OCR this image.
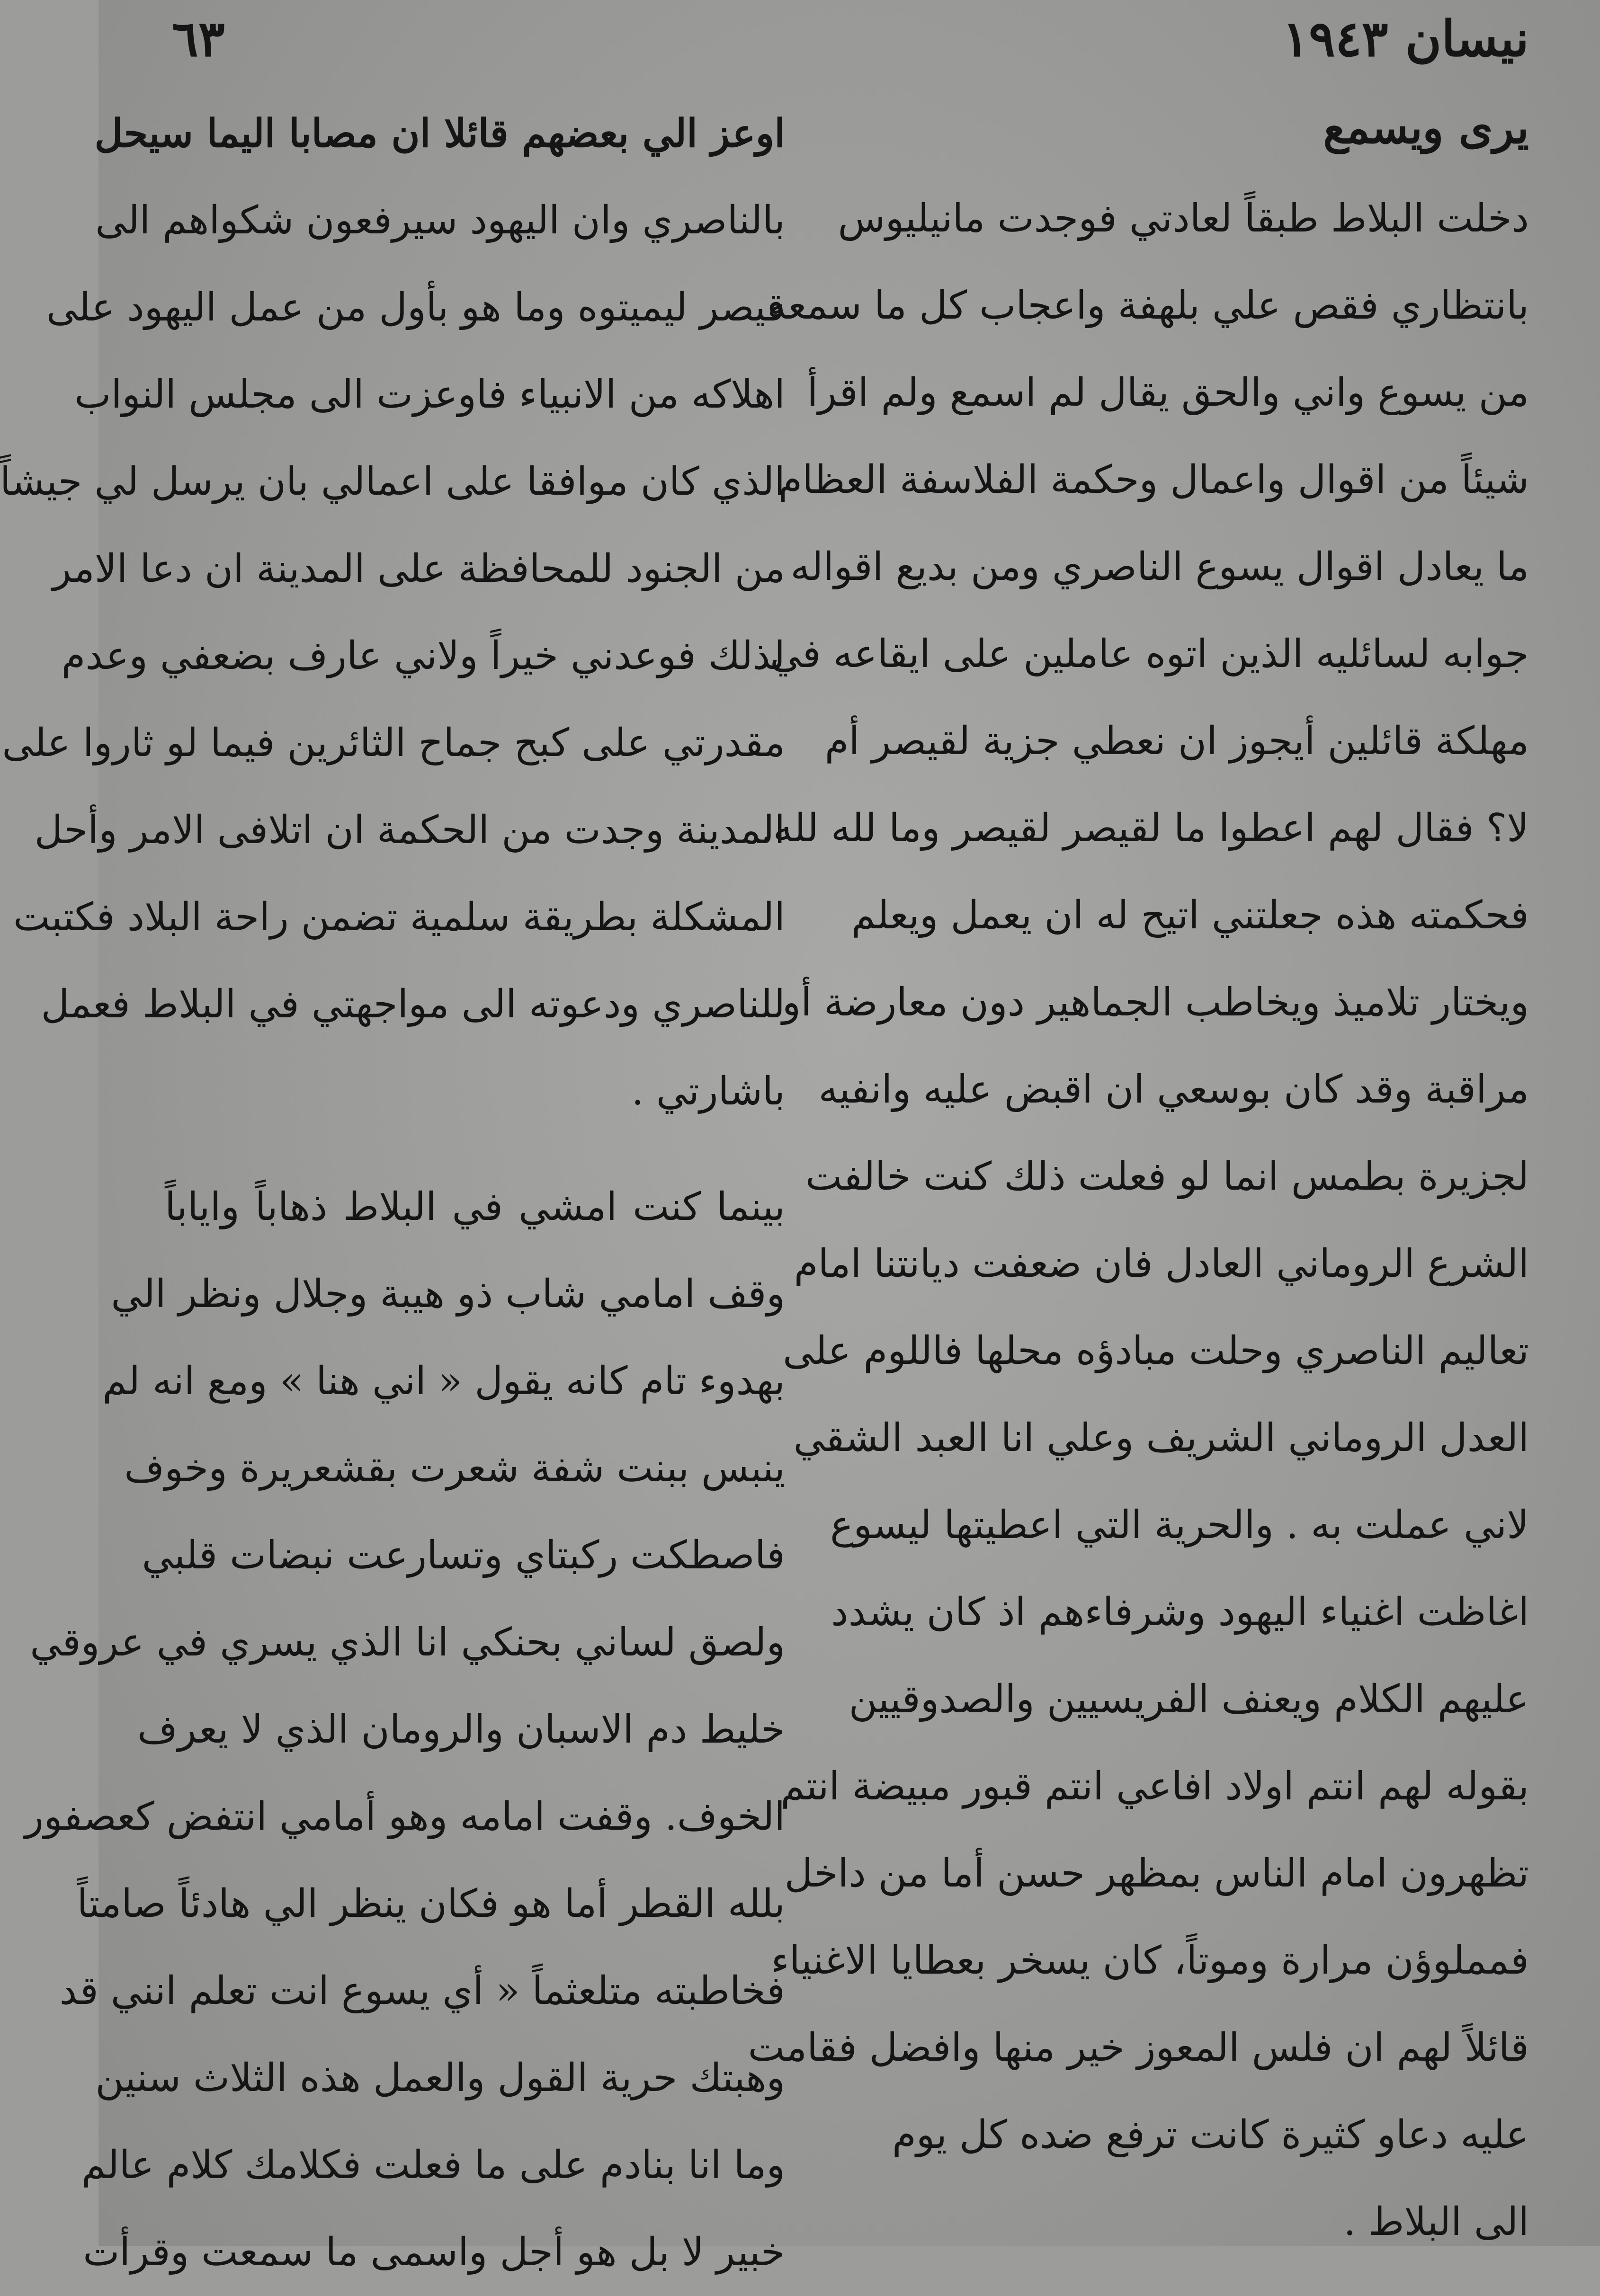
٦٣	نيسان ١٩٤٣
يرى ويسمع
دخلت البلاط طبقاً لعادتي فوجدت مانيليوس
بانتظاري فقص علي بلهفة واعجاب كل ما سمعه
من يسوع واني والحق يقال لم اسمع ولم اقرأ
شيئاً من اقوال واعمال وحكمة الفلاسفة العظام
ما يعادل اقوال يسوع الناصري ومن بديع اقواله
جوابه لسائليه الذين اتوه عاملين على ايقاعه في
مهلكة قائلين أيجوز ان نعطي جزية لقيصر أم
لا؟ فقال لهم اعطوا ما لقيصر لقيصر وما لله لله.
فحكمته هذه جعلتني اتيح له ان يعمل ويعلم
ويختار تلاميذ ويخاطب الجماهير دون معارضة أو
مراقبة وقد كان بوسعي ان اقبض عليه وانفيه
لجزيرة بطمس انما لو فعلت ذلك كنت خالفت
الشرع الروماني العادل فان ضعفت ديانتنا امام
تعاليم الناصري وحلت مبادؤه محلها فاللوم على
العدل الروماني الشريف وعلي انا العبد الشقي
لاني عملت به . والحرية التي اعطيتها ليسوع
اغاظت اغنياء اليهود وشرفاءهم اذ كان يشدد
عليهم الكلام ويعنف الفريسيين والصدوقيين
بقوله لهم انتم اولاد افاعي انتم قبور مبيضة انتم
تظهرون امام الناس بمظهر حسن أما من داخل
فمملوؤن مرارة وموتاً، كان يسخر بعطايا الاغنياء
قائلاً لهم ان فلس المعوز خير منها وافضل فقامت
عليه دعاو كثيرة كانت ترفع ضده كل يوم
الى البلاط .
اوعز الي بعضهم قائلا ان مصابا اليما سيحل
بالناصري وان اليهود سيرفعون شكواهم الى
قيصر ليميتوه وما هو بأول من عمل اليهود على
اهلاكه من الانبياء فاوعزت الى مجلس النواب
الذي كان موافقا على اعمالي بان يرسل لي جيشاً
من الجنود للمحافظة على المدينة ان دعا الامر
لذلك فوعدني خيراً ولاني عارف بضعفي وعدم
مقدرتي على كبح جماح الثائرين فيما لو ثاروا على
المدينة وجدت من الحكمة ان اتلافى الامر وأحل
المشكلة بطريقة سلمية تضمن راحة البلاد فكتبت
للناصري ودعوته الى مواجهتي في البلاط فعمل
باشارتي .
بينما كنت امشي في البلاط ذهاباً واياباً
وقف امامي شاب ذو هيبة وجلال ونظر الي
بهدوء تام كانه يقول « اني هنا » ومع انه لم
ينبس ببنت شفة شعرت بقشعريرة وخوف
فاصطكت ركبتاي وتسارعت نبضات قلبي
ولصق لساني بحنكي انا الذي يسري في عروقي
خليط دم الاسبان والرومان الذي لا يعرف
الخوف. وقفت امامه وهو أمامي انتفض كعصفور
بلله القطر أما هو فكان ينظر الي هادئاً صامتاً
فخاطبته متلعثماً « أي يسوع انت تعلم انني قد
وهبتك حرية القول والعمل هذه الثلاث سنين
وما انا بنادم على ما فعلت فكلامك كلام عالم
خبير لا بل هو أجل واسمى ما سمعت وقرأت
